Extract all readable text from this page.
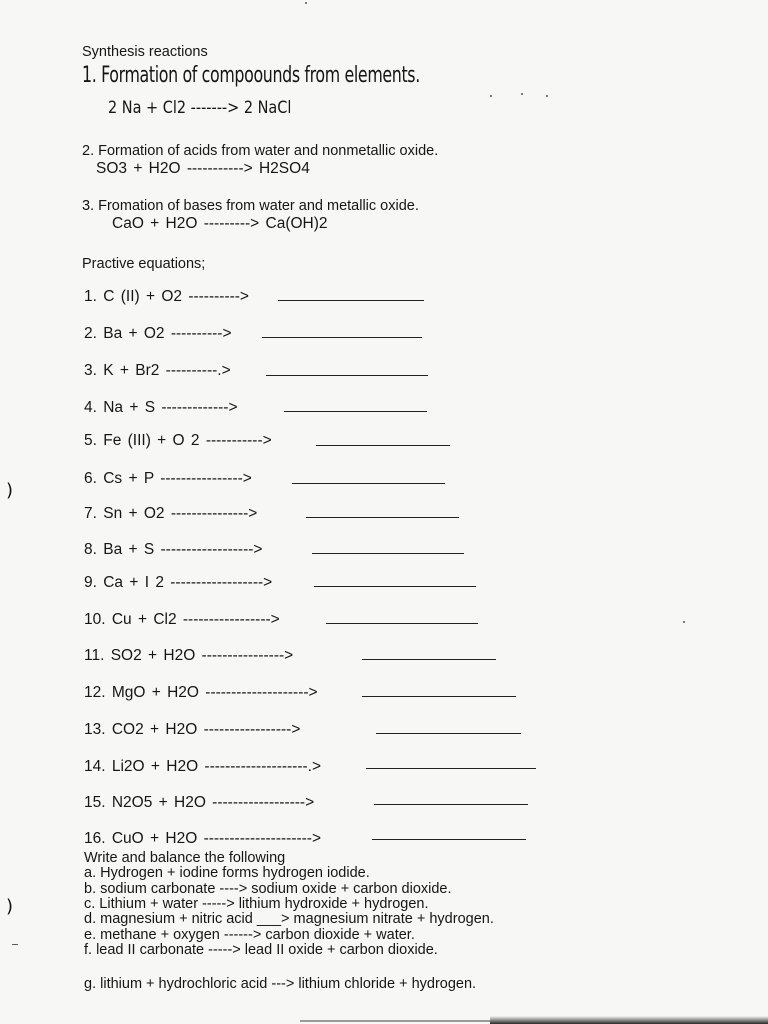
Synthesis reactions
1. Formation of compoounds from elements.
2 Na + Cl2 -------> 2 NaCl
2. Formation of acids from water and nonmetallic oxide.
SO3 + H2O -----------> H2SO4
3. Fromation of bases from water and metallic oxide.
CaO + H2O ---------> Ca(OH)2
Practive equations;
1. C (II) + O2 ---------->
2. Ba + O2 ---------->
3. K + Br2 ----------.>
4. Na + S ------------->
5. Fe (III) + O 2 ----------->
6. Cs + P ---------------->
7. Sn + O2 --------------->
8. Ba + S ------------------>
9. Ca + I 2 ------------------>
10. Cu + Cl2 ----------------->
11. SO2 + H2O ---------------->
12. MgO + H2O -------------------->
13. CO2 + H2O ----------------->
14. Li2O + H2O --------------------.>
15. N2O5 + H2O ------------------>
16. CuO + H2O --------------------->
Write and balance the following
a. Hydrogen + iodine forms hydrogen iodide.
b. sodium carbonate ----> sodium oxide + carbon dioxide.
c. Lithium + water -----> lithium hydroxide + hydrogen.
d. magnesium + nitric acid ___> magnesium nitrate + hydrogen.
e. methane + oxygen ------> carbon dioxide + water.
f. lead II carbonate -----> lead II oxide + carbon dioxide.
g. lithium + hydrochloric acid ---> lithium chloride + hydrogen.
)
)
